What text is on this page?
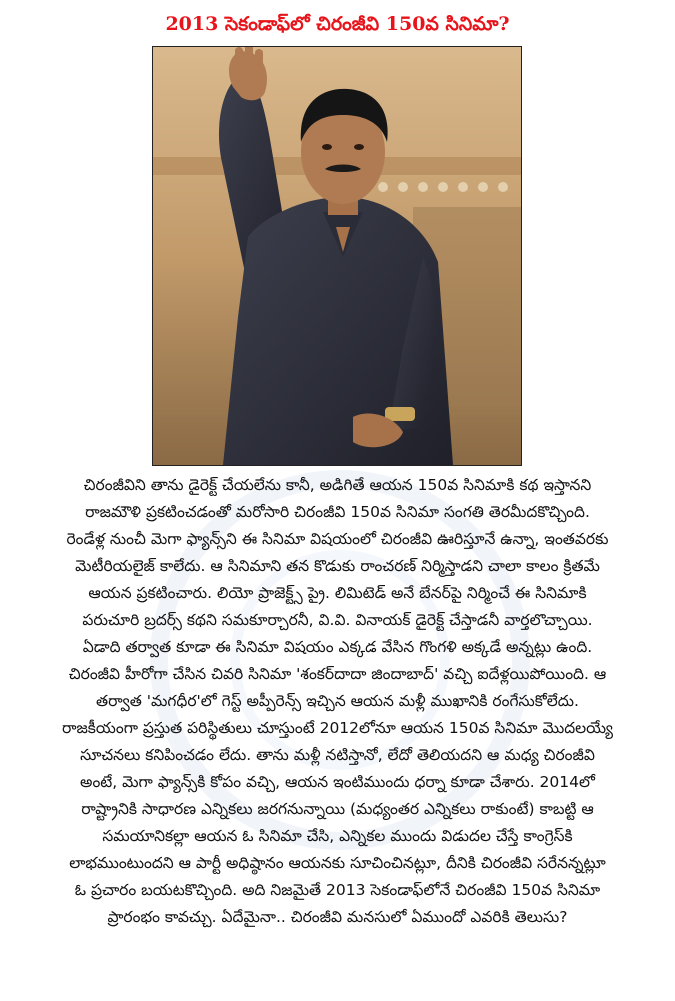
2013 సెకండాఫ్‌లో చిరంజీవి 150వ సినిమా?
చిరంజీవిని తాను డైరెక్ట్ చేయలేను కానీ, అడిగితే ఆయన 150వ సినిమాకి కథ ఇస్తానని
రాజమౌళి ప్రకటించడంతో మరోసారి చిరంజీవి 150వ సినిమా సంగతి తెరమీదకొచ్చింది.
రెండేళ్ల నుంచీ మెగా ఫ్యాన్స్‌ని ఈ సినిమా విషయంలో చిరంజీవి ఊరిస్తూనే ఉన్నా, ఇంతవరకు
మెటీరియలైజ్ కాలేదు. ఆ సినిమాని తన కొడుకు రాంచరణ్ నిర్మిస్తాడని చాలా కాలం క్రితమే
ఆయన ప్రకటించారు. లియో ప్రాజెక్ట్స్ ప్రై. లిమిటెడ్ అనే బేనర్‌పై నిర్మించే ఈ సినిమాకి
పరుచూరి బ్రదర్స్ కథని సమకూర్చారనీ, వి.వి. వినాయక్ డైరెక్ట్ చేస్తాడనీ వార్తలొచ్చాయి.
ఏడాది తర్వాత కూడా ఈ సినిమా విషయం ఎక్కడ వేసిన గొంగళి అక్కడే అన్నట్లు ఉంది.
చిరంజీవి హీరోగా చేసిన చివరి సినిమా 'శంకర్‌దాదా జిందాబాద్' వచ్చి ఐదేళ్లయిపోయింది. ఆ
తర్వాత 'మగధీర'లో గెస్ట్ అప్పీరెన్స్ ఇచ్చిన ఆయన మళ్లీ ముఖానికి రంగేసుకోలేదు.
రాజకీయంగా ప్రస్తుత పరిస్థితులు చూస్తుంటే 2012లోనూ ఆయన 150వ సినిమా మొదలయ్యే
సూచనలు కనిపించడం లేదు. తాను మళ్లీ నటిస్తానో, లేదో తెలియదని ఆ మధ్య చిరంజీవి
అంటే, మెగా ఫ్యాన్స్‌కి కోపం వచ్చి, ఆయన ఇంటిముందు ధర్నా కూడా చేశారు. 2014లో
రాష్ట్రానికి సాధారణ ఎన్నికలు జరగనున్నాయి (మధ్యంతర ఎన్నికలు రాకుంటే) కాబట్టి ఆ
సమయానికల్లా ఆయన ఓ సినిమా చేసి, ఎన్నికల ముందు విడుదల చేస్తే కాంగ్రెస్‌కి
లాభముంటుందని ఆ పార్టీ అధిష్ఠానం ఆయనకు సూచించినట్లూ, దీనికి చిరంజీవి సరేనన్నట్లూ
ఓ ప్రచారం బయటకొచ్చింది. అది నిజమైతే 2013 సెకండాఫ్‌లోనే చిరంజీవి 150వ సినిమా
ప్రారంభం కావచ్చు. ఏదేమైనా.. చిరంజీవి మనసులో ఏముందో ఎవరికి తెలుసు?
